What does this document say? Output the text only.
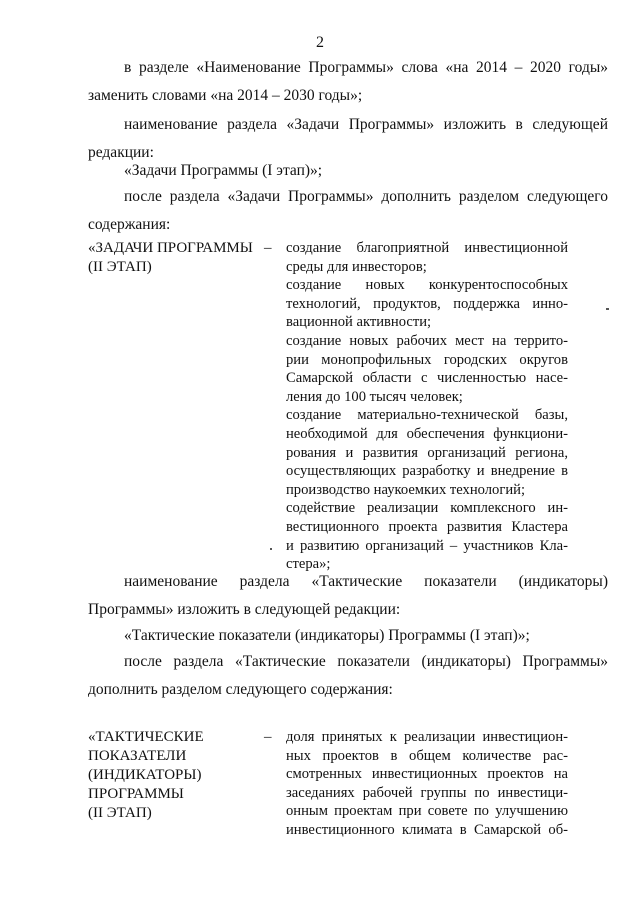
2
в разделе «Наименование Программы» слова «на 2014 – 2020 годы»
заменить словами «на 2014 – 2030 годы»;
наименование раздела «Задачи Программы» изложить в следующей
редакции:
«Задачи Программы (I этап)»;
после раздела «Задачи Программы» дополнить разделом следующего
содержания:
«ЗАДАЧИ ПРОГРАММЫ
(II ЭТАП)
– создание благоприятной инвестиционной
среды для инвесторов;
создание новых конкурентоспособных
технологий, продуктов, поддержка инно-
вационной активности;
создание новых рабочих мест на террито-
рии монопрофильных городских округов
Самарской области с численностью насе-
ления до 100 тысяч человек;
создание материально-технической базы,
необходимой для обеспечения функциони-
рования и развития организаций региона,
осуществляющих разработку и внедрение в
производство наукоемких технологий;
содействие реализации комплексного ин-
вестиционного проекта развития Кластера
и развитию организаций – участников Кла-
стера»;
наименование раздела «Тактические показатели (индикаторы)
Программы» изложить в следующей редакции:
«Тактические показатели (индикаторы) Программы (I этап)»;
после раздела «Тактические показатели (индикаторы) Программы»
дополнить разделом следующего содержания:
«ТАКТИЧЕСКИЕ
ПОКАЗАТЕЛИ
(ИНДИКАТОРЫ)
ПРОГРАММЫ
(II ЭТАП)
– доля принятых к реализации инвестицион-
ных проектов в общем количестве рас-
смотренных инвестиционных проектов на
заседаниях рабочей группы по инвестици-
онным проектам при совете по улучшению
инвестиционного климата в Самарской об-
